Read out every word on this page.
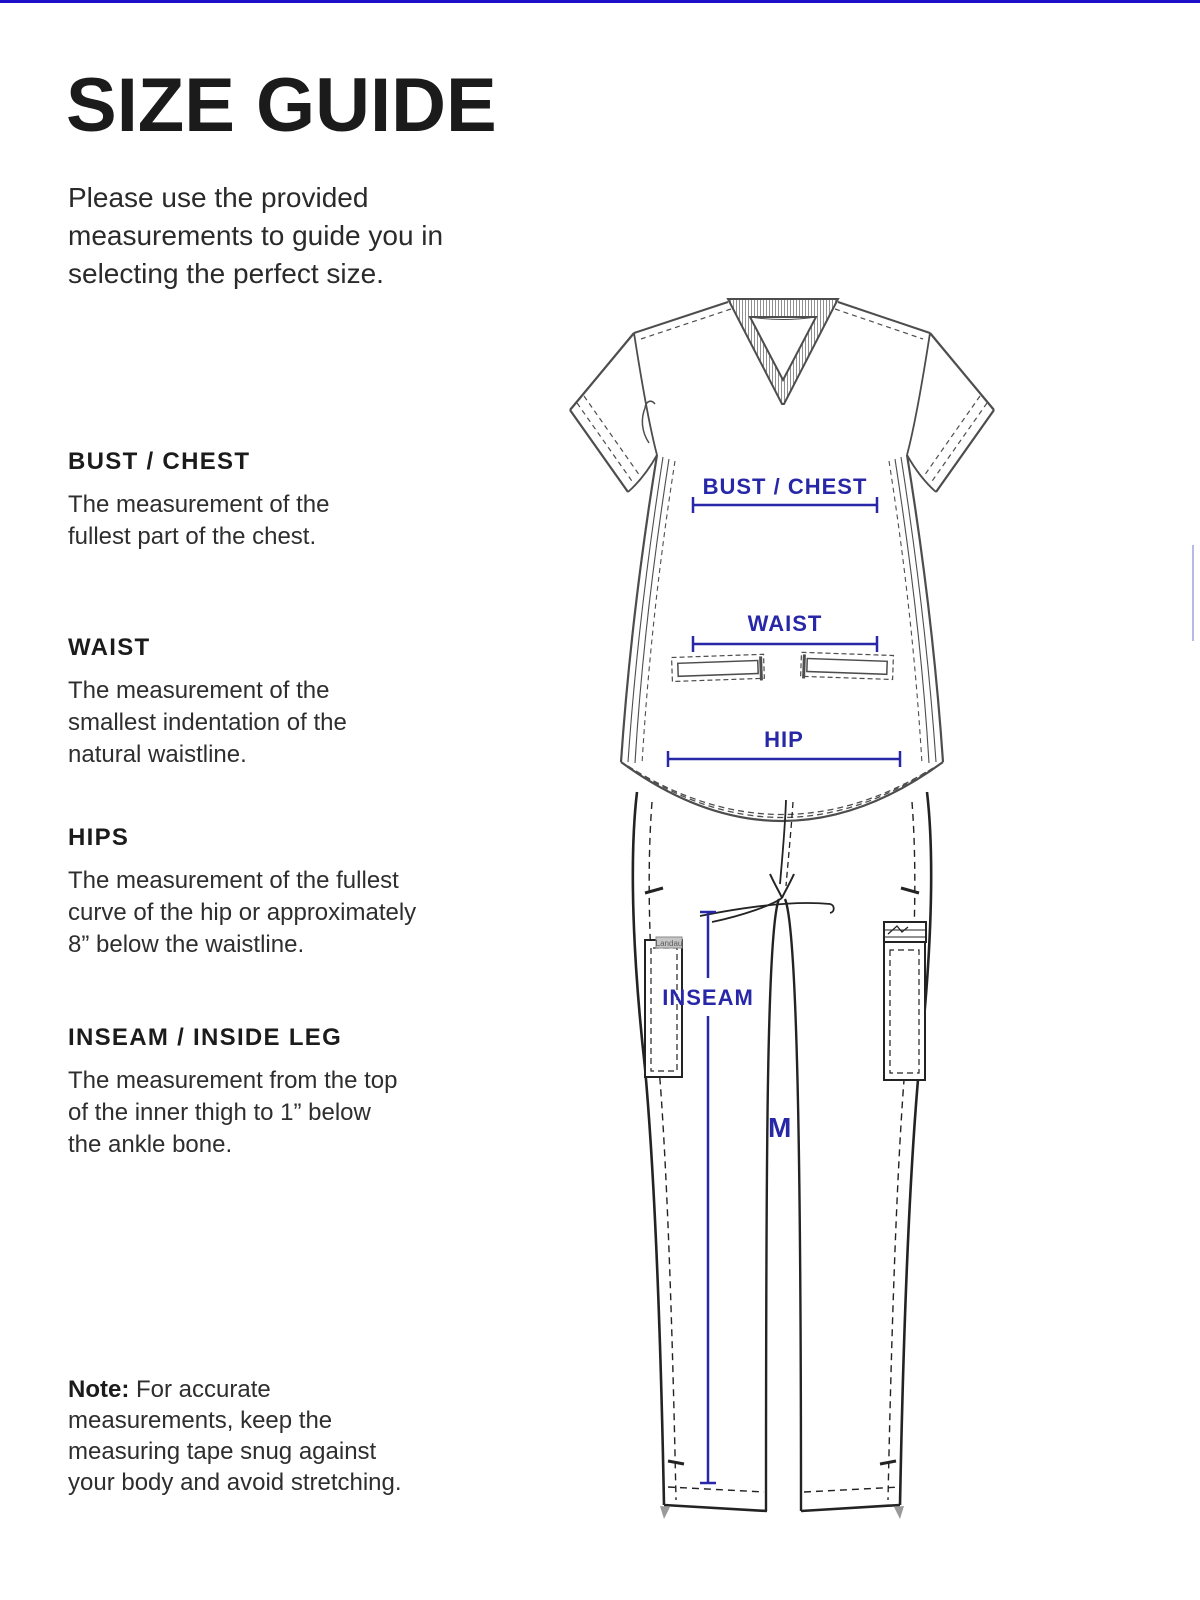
SIZE GUIDE

Please use the provided measurements to guide you in selecting the perfect size.

BUST / CHEST

The measurement of the

fullest part of the chest.

WAIST

The measurement of the

smallest indentation of the

natural waistline.

HIPS

The measurement of the fullest

curve of the hip or approximately

8” below the waistline.

INSEAM / INSIDE LEG

The measurement from the top

of the inner thigh to 1” below

the ankle bone.

Note: For accurate

measurements, keep the

measuring tape snug against

your body and avoid stretching.

Landau
BUST / CHEST
WAIST
HIP
INSEAM
M
